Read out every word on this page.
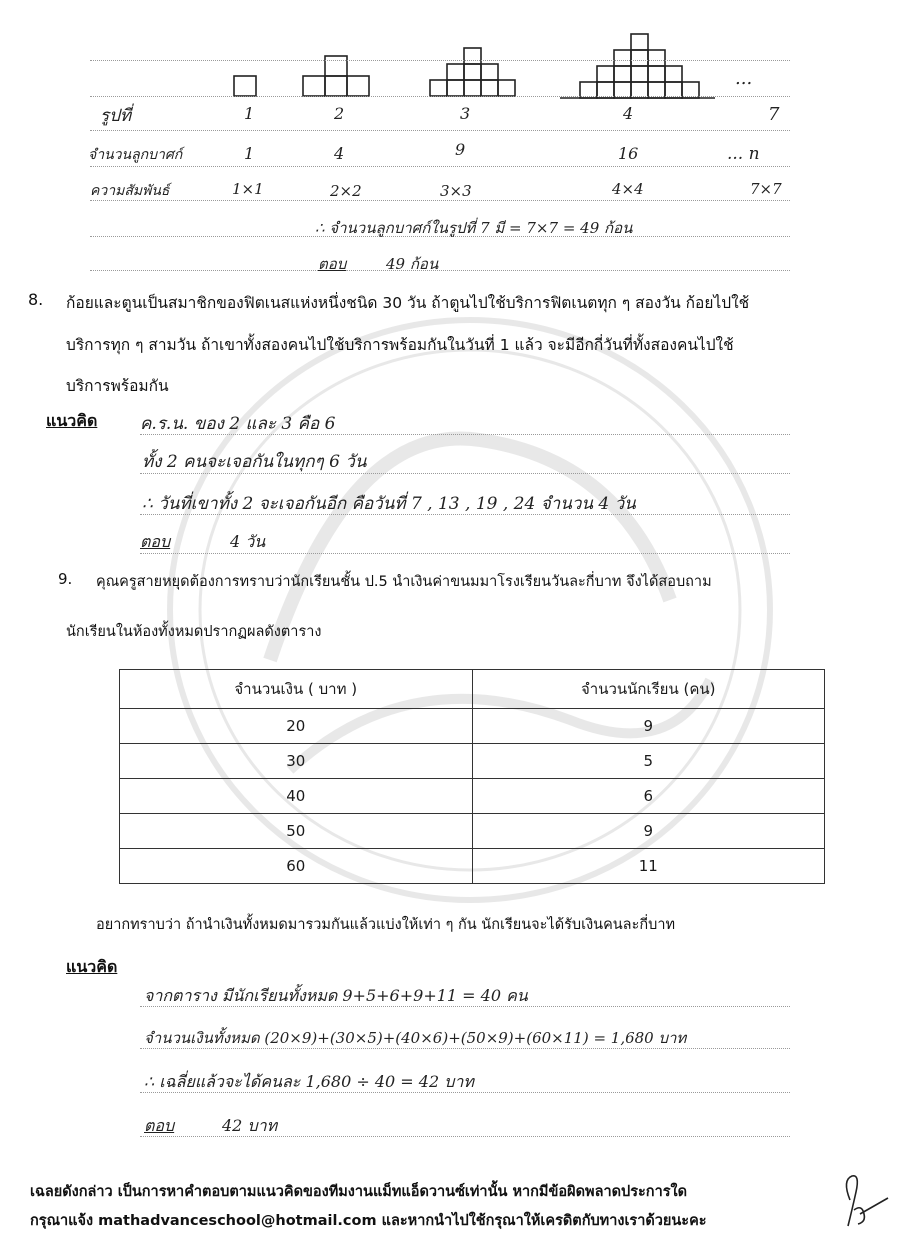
...
รูปที่	1	2	3	4	7
จำนวนลูกบาศก์	1	4	9	16	... n
ความสัมพันธ์	1×1	2×2	3×3	4×4	7×7
∴ จำนวนลูกบาศก์ในรูปที่ 7 มี = 7×7 = 49 ก้อน
ตอบ	49 ก้อน
8. ก้อยและตูนเป็นสมาชิกของฟิตเนสแห่งหนึ่งชนิด 30 วัน ถ้าตูนไปใช้บริการฟิตเนตทุก ๆ สองวัน ก้อยไปใช้
บริการทุก ๆ สามวัน ถ้าเขาทั้งสองคนไปใช้บริการพร้อมกันในวันที่ 1 แล้ว จะมีอีกกี่วันที่ทั้งสองคนไปใช้
บริการพร้อมกัน
แนวคิด	ค.ร.น. ของ 2 และ 3 คือ 6
ทั้ง 2 คนจะเจอกันในทุกๆ 6 วัน
∴ วันที่เขาทั้ง 2 จะเจอกันอีก คือวันที่ 7 , 13 , 19 , 24 จำนวน 4 วัน
ตอบ	4 วัน
9. คุณครูสายหยุดต้องการทราบว่านักเรียนชั้น ป.5 นำเงินค่าขนมมาโรงเรียนวันละกี่บาท จึงได้สอบถาม
นักเรียนในห้องทั้งหมดปรากฏผลดังตาราง
จำนวนเงิน ( บาท )	จำนวนนักเรียน (คน)
20	9
30	5
40	6
50	9
60	11
อยากทราบว่า ถ้านำเงินทั้งหมดมารวมกันแล้วแบ่งให้เท่า ๆ กัน นักเรียนจะได้รับเงินคนละกี่บาท
แนวคิด
จากตาราง มีนักเรียนทั้งหมด 9+5+6+9+11 = 40 คน
จำนวนเงินทั้งหมด (20×9)+(30×5)+(40×6)+(50×9)+(60×11) = 1,680 บาท
∴ เฉลี่ยแล้วจะได้คนละ 1,680 ÷ 40 = 42 บาท
ตอบ	42 บาท
เฉลยดังกล่าว เป็นการหาคำตอบตามแนวคิดของทีมงานแม็ทแอ็ดวานซ์เท่านั้น หากมีข้อผิดพลาดประการใด
กรุณาแจ้ง mathadvanceschool@hotmail.com และหากนำไปใช้กรุณาให้เครดิตกับทางเราด้วยนะคะ
